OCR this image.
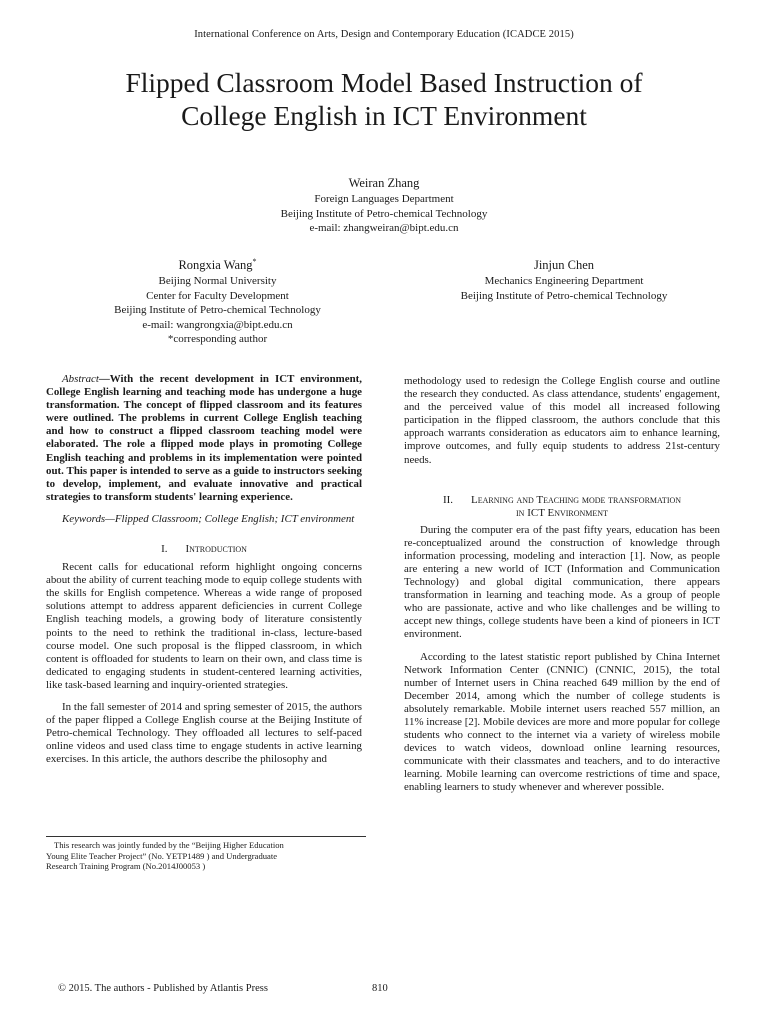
International Conference on Arts, Design and Contemporary Education (ICADCE 2015)
Flipped Classroom Model Based Instruction of
College English in ICT Environment
Weiran Zhang
Foreign Languages Department
Beijing Institute of Petro-chemical Technology
e-mail: zhangweiran@bipt.edu.cn
Rongxia Wang*
Beijing Normal University
Center for Faculty Development
Beijing Institute of Petro-chemical Technology
e-mail: wangrongxia@bipt.edu.cn
*corresponding author
Jinjun Chen
Mechanics Engineering Department
Beijing Institute of Petro-chemical Technology

Abstract—With the recent development in ICT environment, College English learning and teaching mode has undergone a huge transformation. The concept of flipped classroom and its features were outlined. The problems in current College English teaching and how to construct a flipped classroom teaching model were elaborated. The role a flipped mode plays in promoting College English teaching and problems in its implementation were pointed out. This paper is intended to serve as a guide to instructors seeking to develop, implement, and evaluate innovative and practical strategies to transform students' learning experience.

Keywords—Flipped Classroom; College English; ICT environment

I. Introduction

Recent calls for educational reform highlight ongoing concerns about the ability of current teaching mode to equip college students with the skills for English competence. Whereas a wide range of proposed solutions attempt to address apparent deficiencies in current College English teaching models, a growing body of literature consistently points to the need to rethink the traditional in-class, lecture-based course model. One such proposal is the flipped classroom, in which content is offloaded for students to learn on their own, and class time is dedicated to engaging students in student-centered learning activities, like task-based learning and inquiry-oriented strategies.

In the fall semester of 2014 and spring semester of 2015, the authors of the paper flipped a College English course at the Beijing Institute of Petro-chemical Technology. They offloaded all lectures to self-paced online videos and used class time to engage students in active learning exercises. In this article, the authors describe the philosophy and

This research was jointly funded by the “Beijing Higher Education
Young Elite Teacher Project” (No. YETP1489 ) and Undergraduate
Research Training Program (No.2014J00053 )

methodology used to redesign the College English course and outline the research they conducted. As class attendance, students' engagement, and the perceived value of this model all increased following participation in the flipped classroom, the authors conclude that this approach warrants consideration as educators aim to enhance learning, improve outcomes, and fully equip students to address 21st-century needs.

II. Learning and Teaching mode transformation
in ICT Environment

During the computer era of the past fifty years, education has been re-conceptualized around the construction of knowledge through information processing, modeling and interaction [1]. Now, as people are entering a new world of ICT (Information and Communication Technology) and global digital communication, there appears transformation in learning and teaching mode. As a group of people who are passionate, active and who like challenges and be willing to accept new things, college students have been a kind of pioneers in ICT environment.

According to the latest statistic report published by China Internet Network Information Center (CNNIC) (CNNIC, 2015), the total number of Internet users in China reached 649 million by the end of December 2014, among which the number of college students is absolutely remarkable. Mobile internet users reached 557 million, an 11% increase [2]. Mobile devices are more and more popular for college students who connect to the internet via a variety of wireless mobile devices to watch videos, download online learning resources, communicate with their classmates and teachers, and to do interactive learning. Mobile learning can overcome restrictions of time and space, enabling learners to study whenever and wherever possible.

© 2015. The authors - Published by Atlantis Press	810
